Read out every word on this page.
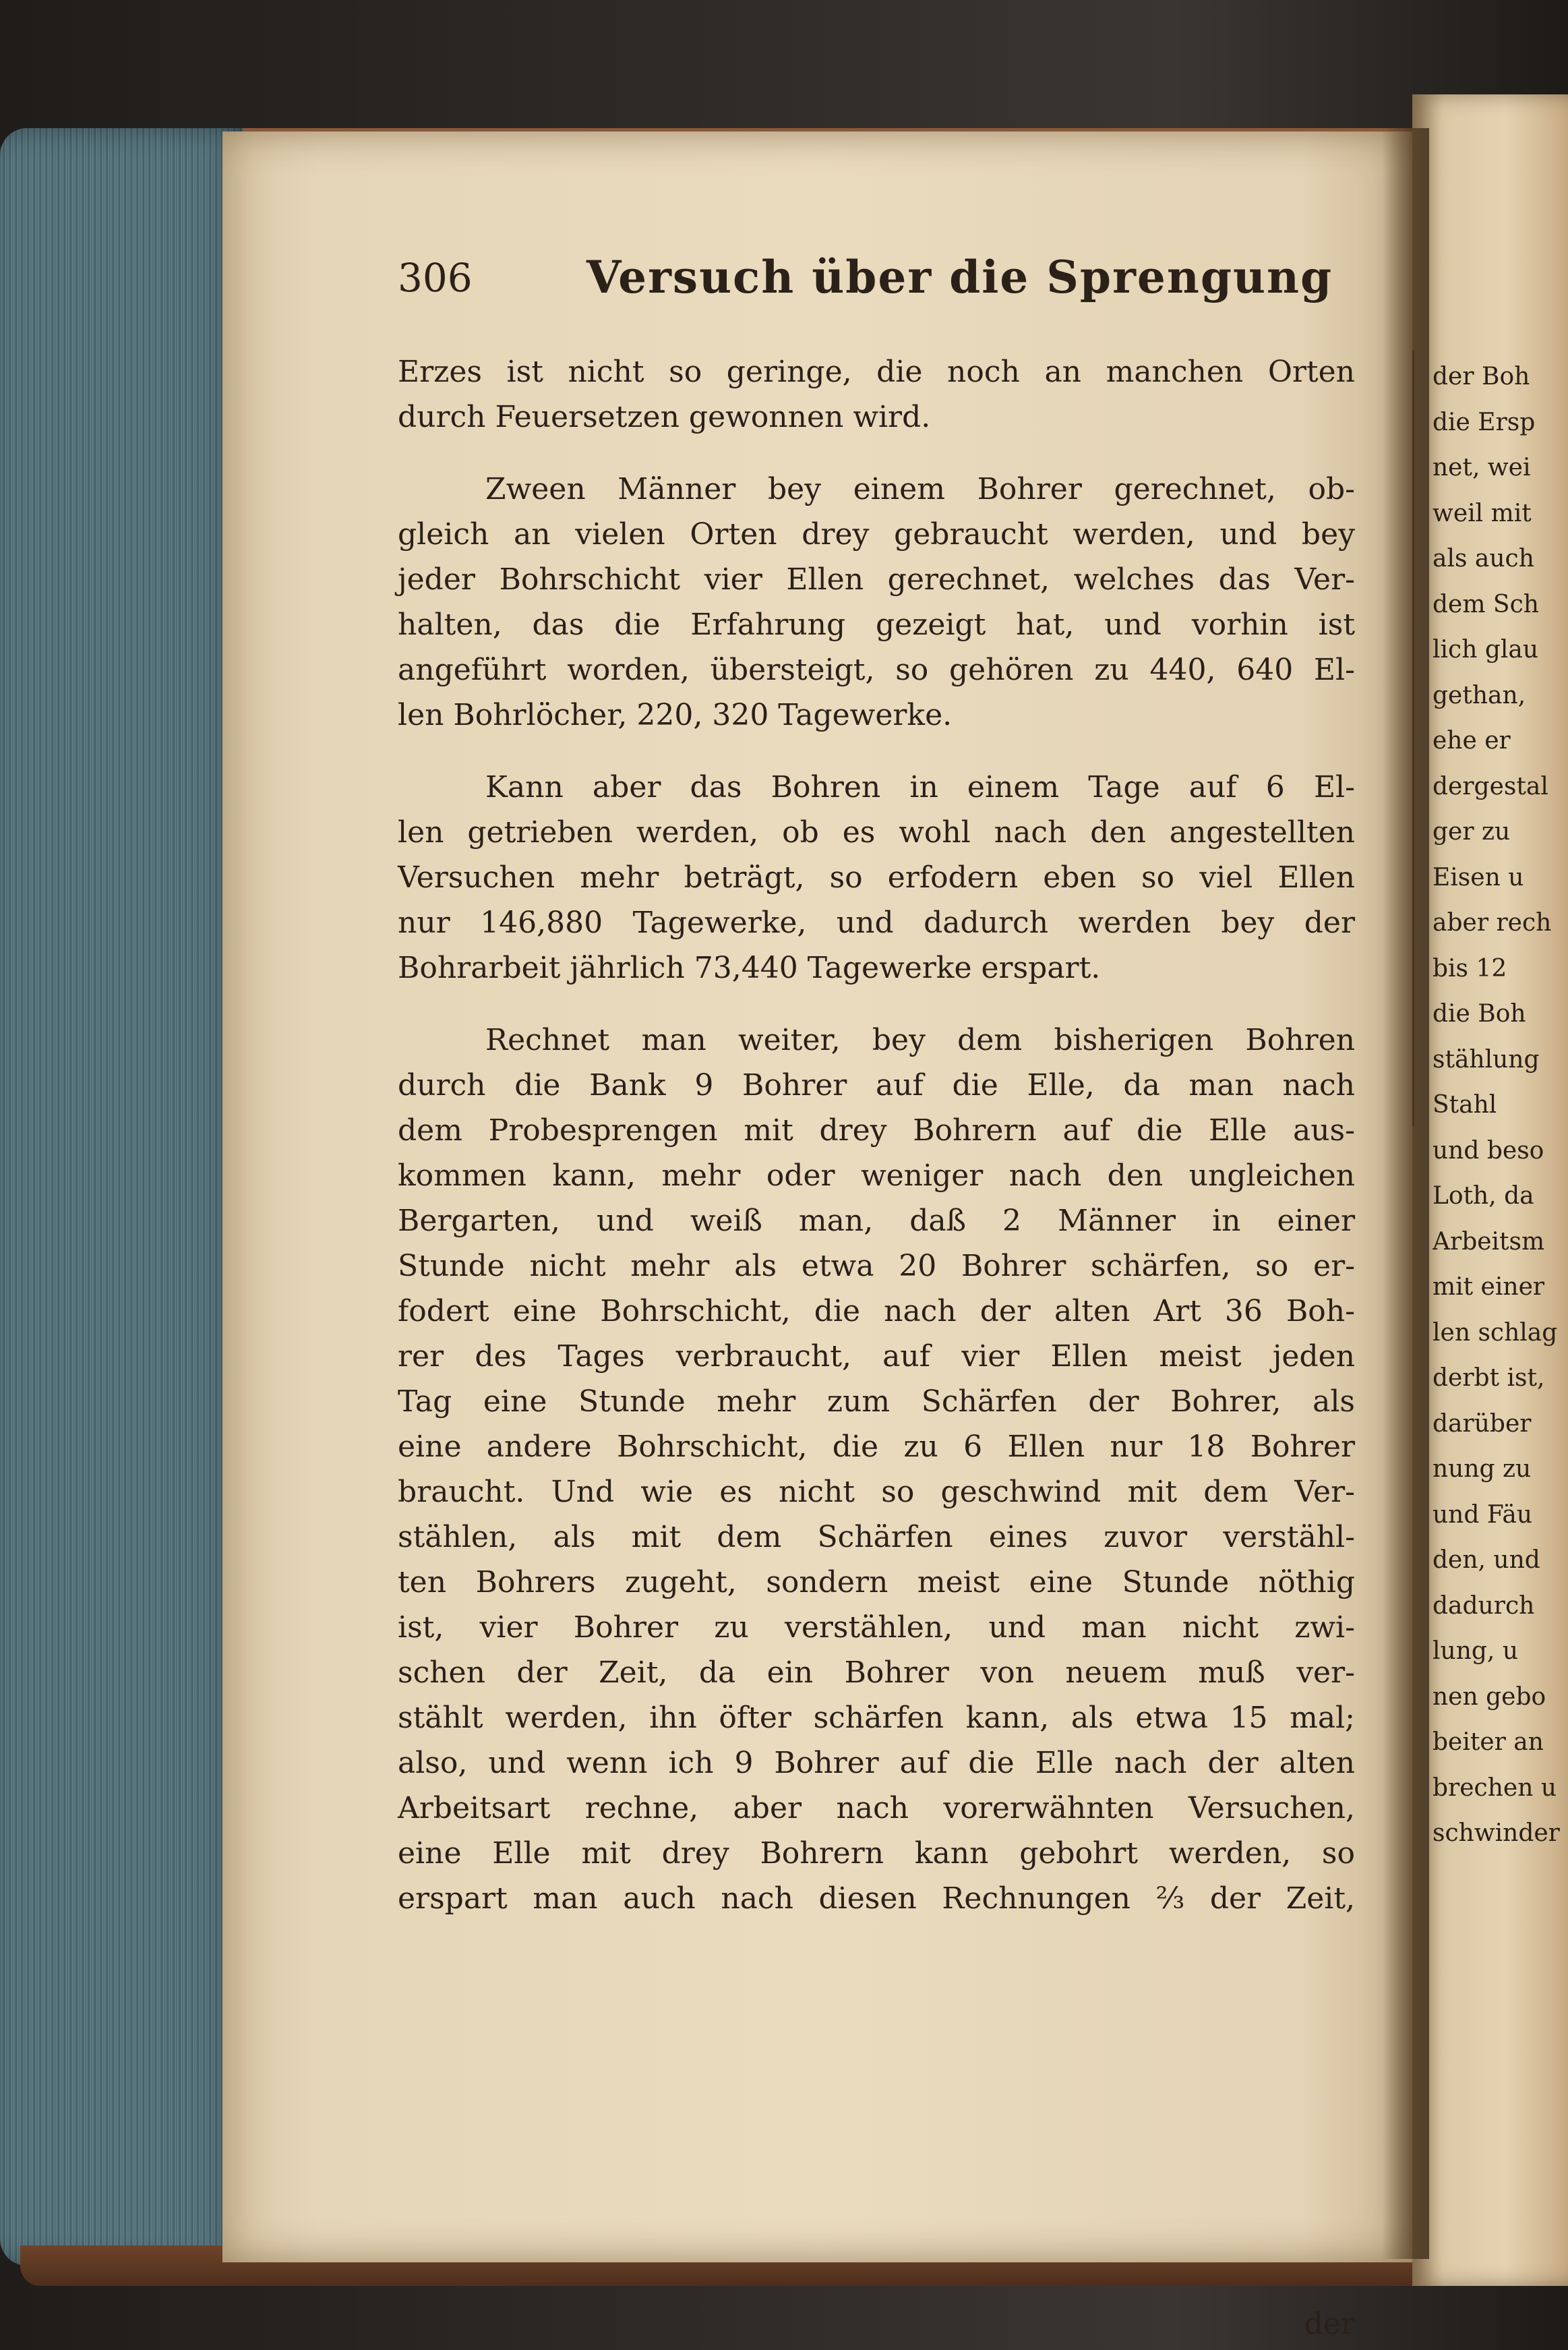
306	Versuch über die Sprengung
Erzes ist nicht so geringe, die noch an manchen Orten
durch Feuersetzen gewonnen wird.
Zween Männer bey einem Bohrer gerechnet, ob-
gleich an vielen Orten drey gebraucht werden, und bey
jeder Bohrschicht vier Ellen gerechnet, welches das Ver-
halten, das die Erfahrung gezeigt hat, und vorhin ist
angeführt worden, übersteigt, so gehören zu 440, 640 El-
len Bohrlöcher, 220, 320 Tagewerke.
Kann aber das Bohren in einem Tage auf 6 El-
len getrieben werden, ob es wohl nach den angestellten
Versuchen mehr beträgt, so erfodern eben so viel Ellen
nur 146,880 Tagewerke, und dadurch werden bey der
Bohrarbeit jährlich 73,440 Tagewerke erspart.
Rechnet man weiter, bey dem bisherigen Bohren
durch die Bank 9 Bohrer auf die Elle, da man nach
dem Probesprengen mit drey Bohrern auf die Elle aus-
kommen kann, mehr oder weniger nach den ungleichen
Bergarten, und weiß man, daß 2 Männer in einer
Stunde nicht mehr als etwa 20 Bohrer schärfen, so er-
fodert eine Bohrschicht, die nach der alten Art 36 Boh-
rer des Tages verbraucht, auf vier Ellen meist jeden
Tag eine Stunde mehr zum Schärfen der Bohrer, als
eine andere Bohrschicht, die zu 6 Ellen nur 18 Bohrer
braucht. Und wie es nicht so geschwind mit dem Ver-
stählen, als mit dem Schärfen eines zuvor verstähl-
ten Bohrers zugeht, sondern meist eine Stunde nöthig
ist, vier Bohrer zu verstählen, und man nicht zwi-
schen der Zeit, da ein Bohrer von neuem muß ver-
stählt werden, ihn öfter schärfen kann, als etwa 15 mal;
also, und wenn ich 9 Bohrer auf die Elle nach der alten
Arbeitsart rechne, aber nach vorerwähnten Versuchen,
eine Elle mit drey Bohrern kann gebohrt werden, so
erspart man auch nach diesen Rechnungen ⅔ der Zeit,
der
der Boh
die Ersp
net, wei
weil mit
als auch
dem Sch
lich glau
gethan,
ehe er
dergestal
ger zu
Eisen u
aber rech
bis 12
die Boh
stählung
Stahl
und beso
Loth, da
Arbeitsm
mit einer
len schlag
derbt ist,
darüber
nung zu
und Fäu
den, und
dadurch
lung, u
nen gebo
beiter an
brechen u
schwinder
